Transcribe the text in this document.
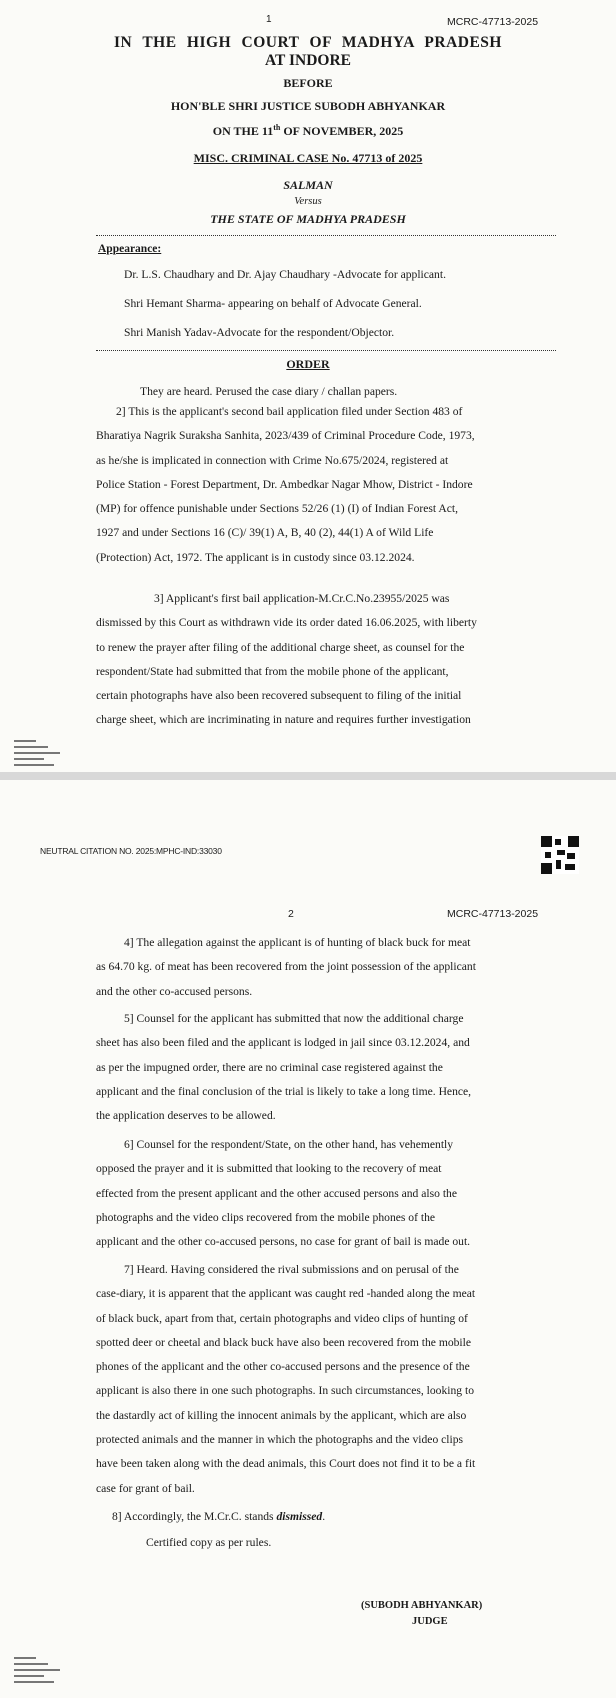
1	MCRC-47713-2025
IN THE HIGH COURT OF MADHYA PRADESH
AT INDORE
BEFORE
HON'BLE SHRI JUSTICE SUBODH ABHYANKAR
ON THE 11th OF NOVEMBER, 2025
MISC. CRIMINAL CASE No. 47713 of 2025
SALMAN
Versus
THE STATE OF MADHYA PRADESH
Appearance:
Dr. L.S. Chaudhary and Dr. Ajay Chaudhary -Advocate for applicant.
Shri Hemant Sharma- appearing on behalf of Advocate General.
Shri Manish Yadav-Advocate for the respondent/Objector.
ORDER
They are heard. Perused the case diary / challan papers.

2] This is the applicant's second bail application filed under Section 483 of

Bharatiya Nagrik Suraksha Sanhita, 2023/439 of Criminal Procedure Code, 1973,

as he/she is implicated in connection with Crime No.675/2024, registered at

Police Station - Forest Department, Dr. Ambedkar Nagar Mhow, District - Indore

(MP) for offence punishable under Sections 52/26 (1) (I) of Indian Forest Act,

1927 and under Sections 16 (C)/ 39(1) A, B, 40 (2), 44(1) A of Wild Life

(Protection) Act, 1972. The applicant is in custody since 03.12.2024.

3] Applicant's first bail application-M.Cr.C.No.23955/2025 was

dismissed by this Court as withdrawn vide its order dated 16.06.2025, with liberty

to renew the prayer after filing of the additional charge sheet, as counsel for the

respondent/State had submitted that from the mobile phone of the applicant,

certain photographs have also been recovered subsequent to filing of the initial

charge sheet, which are incriminating in nature and requires further investigation

NEUTRAL CITATION NO. 2025:MPHC-IND:33030
2	MCRC-47713-2025

4] The allegation against the applicant is of hunting of black buck for meat

as 64.70 kg. of meat has been recovered from the joint possession of the applicant

and the other co-accused persons.

5] Counsel for the applicant has submitted that now the additional charge

sheet has also been filed and the applicant is lodged in jail since 03.12.2024, and

as per the impugned order, there are no criminal case registered against the

applicant and the final conclusion of the trial is likely to take a long time. Hence,

the application deserves to be allowed.

6] Counsel for the respondent/State, on the other hand, has vehemently

opposed the prayer and it is submitted that looking to the recovery of meat

effected from the present applicant and the other accused persons and also the

photographs and the video clips recovered from the mobile phones of the

applicant and the other co-accused persons, no case for grant of bail is made out.

7] Heard. Having considered the rival submissions and on perusal of the

case-diary, it is apparent that the applicant was caught red -handed along the meat

of black buck, apart from that, certain photographs and video clips of hunting of

spotted deer or cheetal and black buck have also been recovered from the mobile

phones of the applicant and the other co-accused persons and the presence of the

applicant is also there in one such photographs. In such circumstances, looking to

the dastardly act of killing the innocent animals by the applicant, which are also

protected animals and the manner in which the photographs and the video clips

have been taken along with the dead animals, this Court does not find it to be a fit

case for grant of bail.

8] Accordingly, the M.Cr.C. stands dismissed.
Certified copy as per rules.
(SUBODH ABHYANKAR)
JUDGE
